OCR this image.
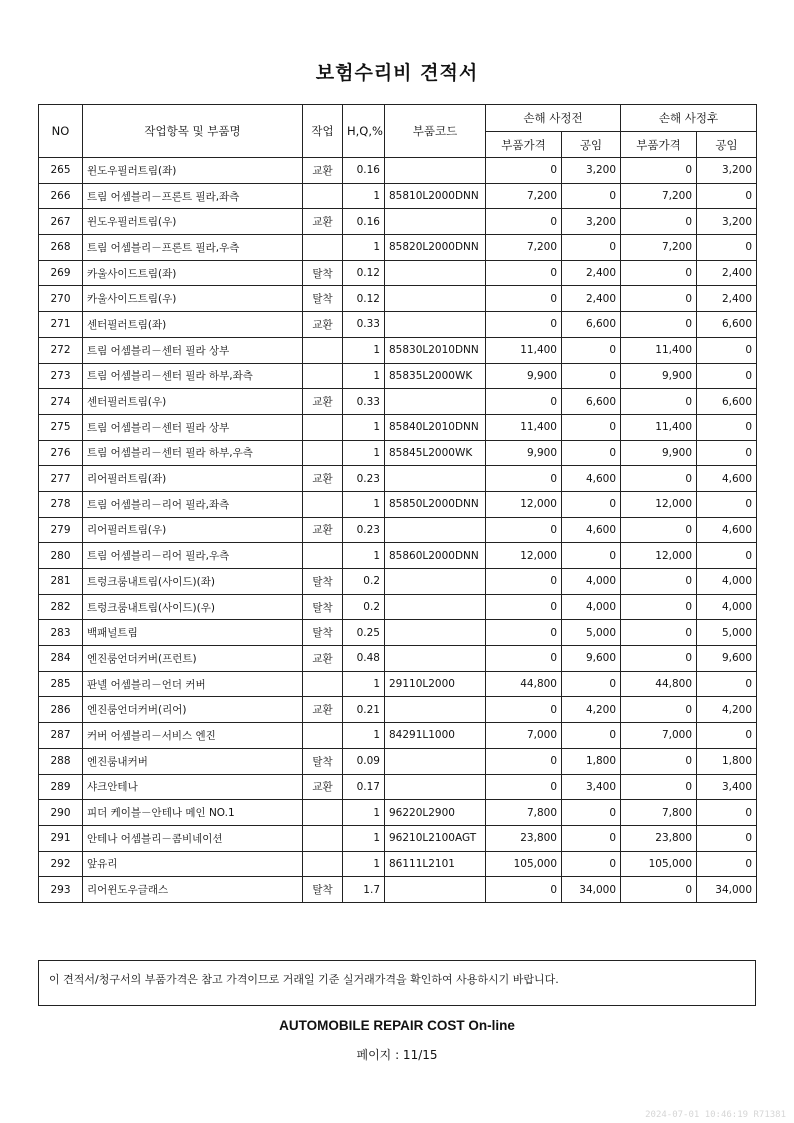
보험수리비 견적서
NO	작업항목 및 부품명	작업	H,Q,%	부품코드	손해 사정전		손해 사정후	
					부품가격	공임	부품가격	공임
265	윈도우필러트림(좌)	교환	0.16		0	3,200	0	3,200
266	트림 어셈블리－프론트 필라,좌측		1	85810L2000DNN	7,200	0	7,200	0
267	윈도우필러트림(우)	교환	0.16		0	3,200	0	3,200
268	트림 어셈블리－프론트 필라,우측		1	85820L2000DNN	7,200	0	7,200	0
269	카울사이드트림(좌)	탈착	0.12		0	2,400	0	2,400
270	카울사이드트림(우)	탈착	0.12		0	2,400	0	2,400
271	센터필러트림(좌)	교환	0.33		0	6,600	0	6,600
272	트림 어셈블리－센터 필라 상부		1	85830L2010DNN	11,400	0	11,400	0
273	트림 어셈블리－센터 필라 하부,좌측		1	85835L2000WK	9,900	0	9,900	0
274	센터필러트림(우)	교환	0.33		0	6,600	0	6,600
275	트림 어셈블리－센터 필라 상부		1	85840L2010DNN	11,400	0	11,400	0
276	트림 어셈블리－센터 필라 하부,우측		1	85845L2000WK	9,900	0	9,900	0
277	리어필러트림(좌)	교환	0.23		0	4,600	0	4,600
278	트림 어셈블리－리어 필라,좌측		1	85850L2000DNN	12,000	0	12,000	0
279	리어필러트림(우)	교환	0.23		0	4,600	0	4,600
280	트림 어셈블리－리어 필라,우측		1	85860L2000DNN	12,000	0	12,000	0
281	트렁크룸내트림(사이드)(좌)	탈착	0.2		0	4,000	0	4,000
282	트렁크룸내트림(사이드)(우)	탈착	0.2		0	4,000	0	4,000
283	백패널트림	탈착	0.25		0	5,000	0	5,000
284	엔진룸언더커버(프런트)	교환	0.48		0	9,600	0	9,600
285	판넬 어셈블리－언더 커버		1	29110L2000	44,800	0	44,800	0
286	엔진룸언더커버(리어)	교환	0.21		0	4,200	0	4,200
287	커버 어셈블리－서비스 엔진		1	84291L1000	7,000	0	7,000	0
288	엔진룸내커버	탈착	0.09		0	1,800	0	1,800
289	샤크안테나	교환	0.17		0	3,400	0	3,400
290	피더 케이블－안테나 메인 NO.1		1	96220L2900	7,800	0	7,800	0
291	안테나 어셈블리－콤비네이션		1	96210L2100AGT	23,800	0	23,800	0
292	앞유리		1	86111L2101	105,000	0	105,000	0
293	리어윈도우글래스	탈착	1.7		0	34,000	0	34,000
이 견적서/청구서의 부품가격은 참고 가격이므로 거래일 기준 실거래가격을 확인하여 사용하시기 바랍니다.
AUTOMOBILE REPAIR COST On-line
페이지 : 11/15
2024-07-01 10:46:19 R71381
